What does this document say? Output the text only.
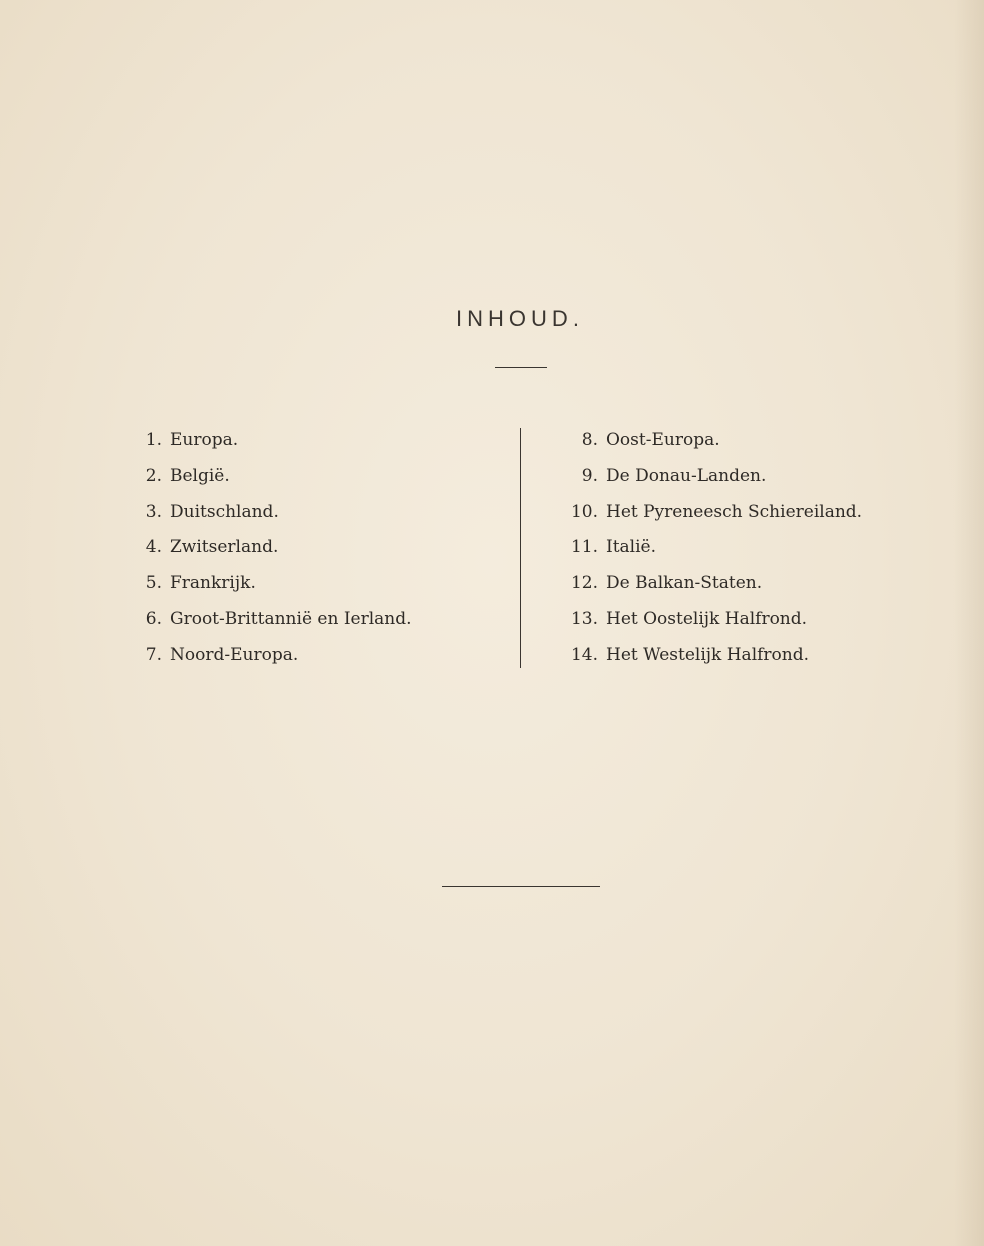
INHOUD.
1. Europa.
2. België.
3. Duitschland.
4. Zwitserland.
5. Frankrijk.
6. Groot-Brittannië en Ierland.
7. Noord-Europa.
8. Oost-Europa.
9. De Donau-Landen.
10. Het Pyreneesch Schiereiland.
11. Italië.
12. De Balkan-Staten.
13. Het Oostelijk Halfrond.
14. Het Westelijk Halfrond.
